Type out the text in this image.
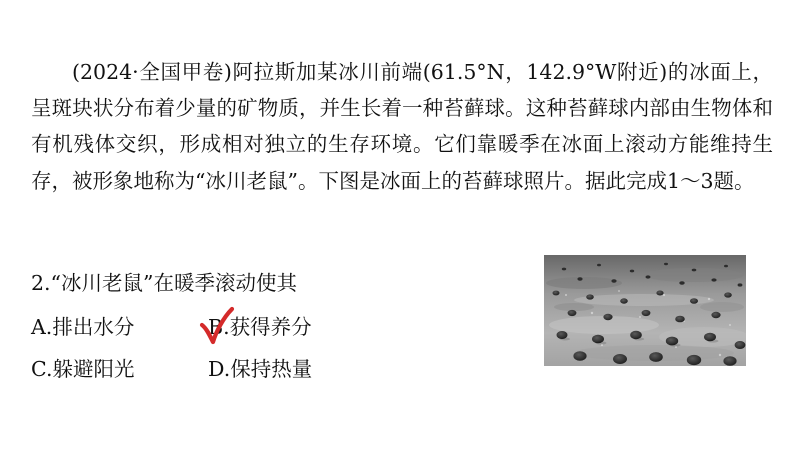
(2024·全国甲卷)阿拉斯加某冰川前端(61.5°N，142.9°W附近)的冰面上，呈斑块状分布着少量的矿物质，并生长着一种苔藓球。这种苔藓球内部由生物体和有机残体交织，形成相对独立的生存环境。它们靠暖季在冰面上滚动方能维持生存，被形象地称为“冰川老鼠”。下图是冰面上的苔藓球照片。据此完成1～3题。

2.“冰川老鼠”在暖季滚动使其

A.排出水分	B.获得养分

C.躲避阳光	D.保持热量
